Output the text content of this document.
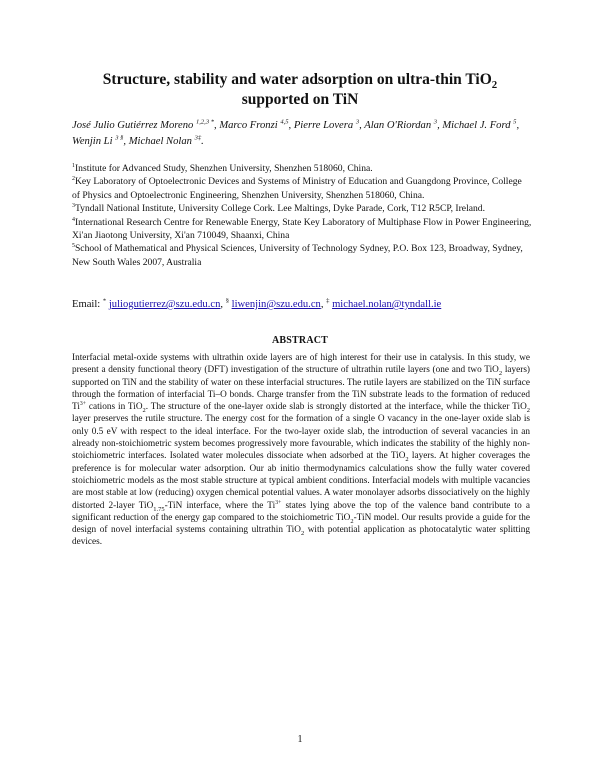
Structure, stability and water adsorption on ultra-thin TiO$_2$
supported on TiN
José Julio Gutiérrez Moreno $^{1,2,3 *}$, Marco Fronzi $^{4,5}$, Pierre Lovera $^3$, Alan O'Riordan $^3$, Michael J. Ford $^5$, Wenjin Li $^{3 \S}$, Michael Nolan $^{3\ddagger}$.

$^1$Institute for Advanced Study, Shenzhen University, Shenzhen 518060, China.

$^2$Key Laboratory of Optoelectronic Devices and Systems of Ministry of Education and Guangdong Province, College of Physics and Optoelectronic Engineering, Shenzhen University, Shenzhen 518060, China.

$^3$Tyndall National Institute, University College Cork. Lee Maltings, Dyke Parade, Cork, T12 R5CP, Ireland.

$^4$International Research Centre for Renewable Energy, State Key Laboratory of Multiphase Flow in Power Engineering, Xi'an Jiaotong University, Xi'an 710049, Shaanxi, China

$^5$School of Mathematical and Physical Sciences, University of Technology Sydney, P.O. Box 123, Broadway, Sydney, New South Wales 2007, Australia

Email: * juliogutierrez@szu.edu.cn, § liwenjin@szu.edu.cn, ‡ michael.nolan@tyndall.ie
ABSTRACT

Interfacial metal-oxide systems with ultrathin oxide layers are of high interest for their use in catalysis. In this study, we present a density functional theory (DFT) investigation of the structure of ultrathin rutile layers (one and two TiO$_2$ layers) supported on TiN and the stability of water on these interfacial structures. The rutile layers are stabilized on the TiN surface through the formation of interfacial Ti–O bonds. Charge transfer from the TiN substrate leads to the formation of reduced $Ti^{3+}$ cations in TiO$_2$. The structure of the one-layer oxide slab is strongly distorted at the interface, while the thicker TiO$_2$ layer preserves the rutile structure. The energy cost for the formation of a single O vacancy in the one-layer oxide slab is only 0.5 eV with respect to the ideal interface. For the two-layer oxide slab, the introduction of several vacancies in an already non-stoichiometric system becomes progressively more favourable, which indicates the stability of the highly non-stoichiometric interfaces. Isolated water molecules dissociate when adsorbed at the TiO$_2$ layers. At higher coverages the preference is for molecular water adsorption. Our ab initio thermodynamics calculations show the fully water covered stoichiometric models as the most stable structure at typical ambient conditions. Interfacial models with multiple vacancies are most stable at low (reducing) oxygen chemical potential values. A water monolayer adsorbs dissociatively on the highly distorted 2-layer TiO$_{1.75}$-TiN interface, where the $Ti^{3+}$ states lying above the top of the valence band contribute to a significant reduction of the energy gap compared to the stoichiometric TiO$_2$-TiN model. Our results provide a guide for the design of novel interfacial systems containing ultrathin TiO$_2$ with potential application as photocatalytic water splitting devices.

1
